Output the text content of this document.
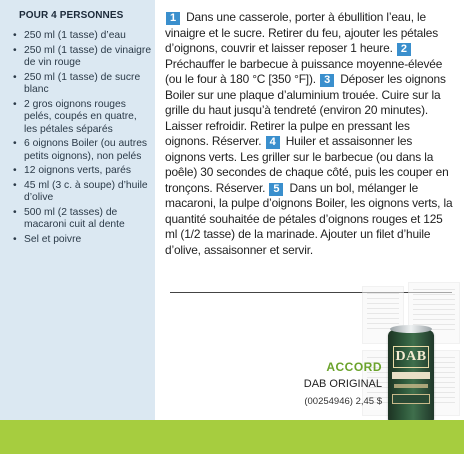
POUR 4 PERSONNES
• 250 ml (1 tasse) d’eau
• 250 ml (1 tasse) de vinaigre de vin rouge
• 250 ml (1 tasse) de sucre blanc
• 2 gros oignons rouges pelés, coupés en quatre, les pétales séparés
• 6 oignons Boiler (ou autres petits oignons), non pelés
• 12 oignons verts, parés
• 45 ml (3 c. à soupe) d’huile d’olive
• 500 ml (2 tasses) de macaroni cuit al dente
• Sel et poivre

1 Dans une casserole, porter à ébullition l’eau, le vinaigre et le sucre. Retirer du feu, ajouter les pétales d’oignons, couvrir et laisser reposer 1 heure. 2 Préchauffer le barbecue à puissance moyenne-élevée (ou le four à 180 °C [350 °F]). 3 Déposer les oignons Boiler sur une plaque d’aluminium trouée. Cuire sur la grille du haut jusqu’à tendreté (environ 20 minutes). Laisser refroidir. Retirer la pulpe en pressant les oignons. Réserver. 4 Huiler et assaisonner les oignons verts. Les griller sur le barbecue (ou dans la poêle) 30 secondes de chaque côté, puis les couper en tronçons. Réserver. 5 Dans un bol, mélanger le macaroni, la pulpe d’oignons Boiler, les oignons verts, la quantité souhaitée de pétales d’oignons rouges et 125 ml (1/2 tasse) de la marinade. Ajouter un filet d’huile d’olive, assaisonner et servir.

ACCORD

DAB ORIGINAL

(00254946) 2,45 $

DAB
